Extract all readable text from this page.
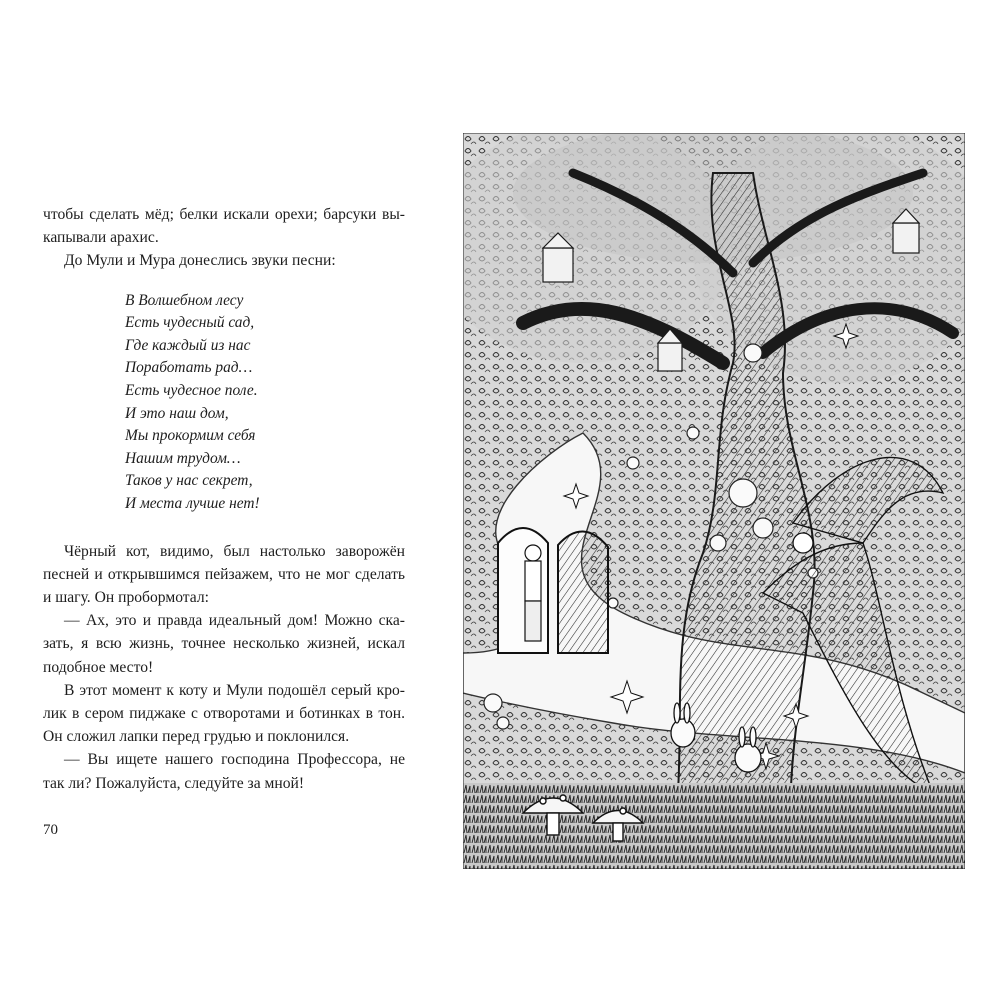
чтобы сделать мёд; белки искали орехи; барсуки выкапывали арахис.

До Мули и Мура донеслись звуки песни:

В Волшебном лесу
Есть чудесный сад,
Где каждый из нас
Поработать рад…
Есть чудесное поле.
И это наш дом,
Мы прокормим себя
Нашим трудом…
Таков у нас секрет,
И места лучше нет!

Чёрный кот, видимо, был настолько заворожён песней и открывшимся пейзажем, что не мог сделать и шагу. Он пробормотал:

— Ах, это и правда идеальный дом! Можно сказать, я всю жизнь, точнее несколько жизней, искал подобное место!

В этот момент к коту и Мули подошёл серый кролик в сером пиджаке с отворотами и ботинках в тон. Он сложил лапки перед грудью и поклонился.

— Вы ищете нашего господина Профессора, не так ли? Пожалуйста, следуйте за мной!

70
